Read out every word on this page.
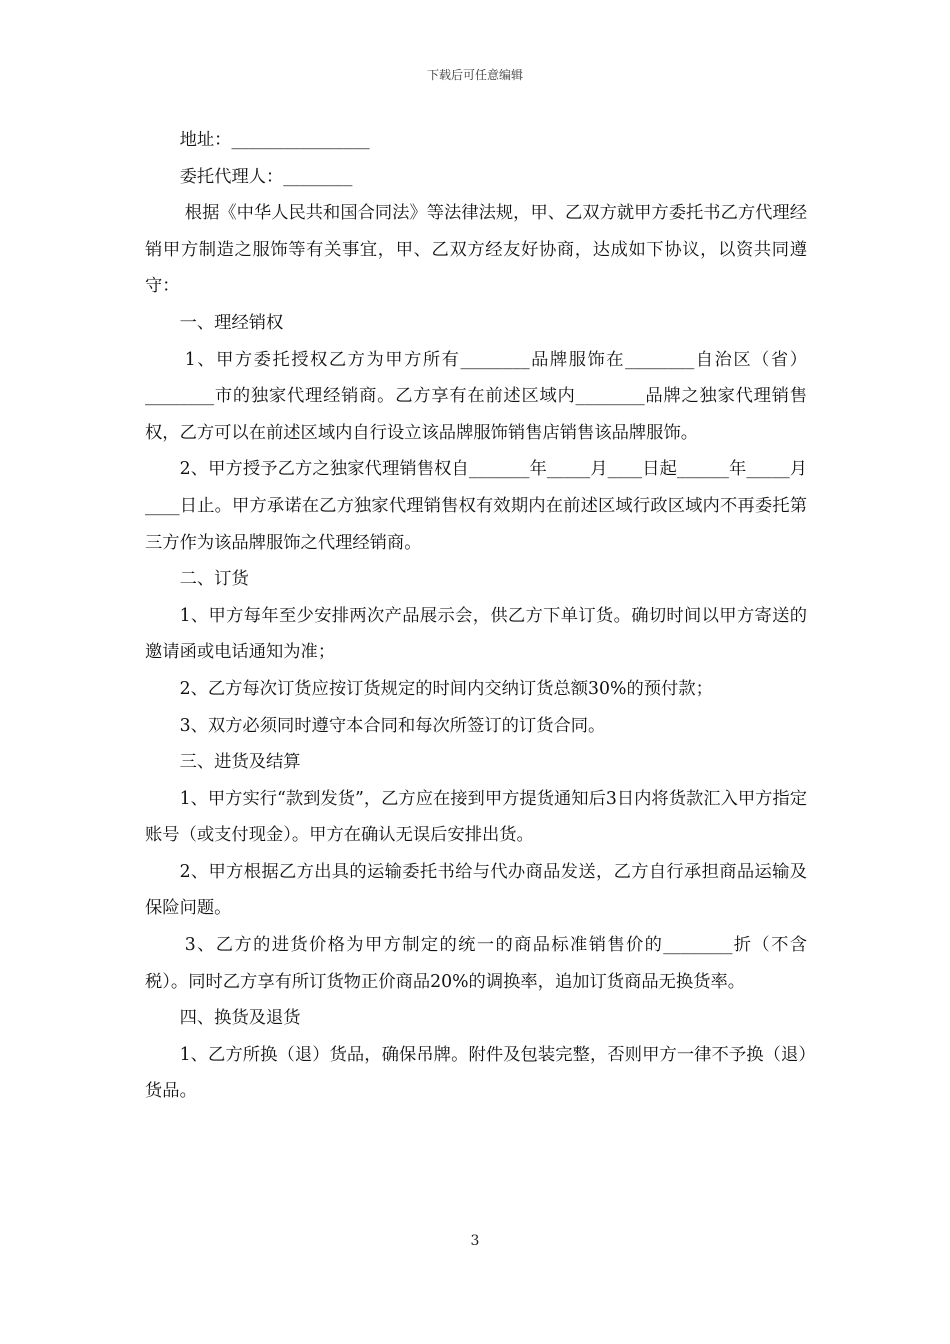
下载后可任意编辑

地址：________________

委托代理人：________

根据《中华人民共和国合同法》等法律法规，甲、乙双方就甲方委托书乙方代理经销甲方制造之服饰等有关事宜，甲、乙双方经友好协商，达成如下协议，以资共同遵守：

一、理经销权

1、甲方委托授权乙方为甲方所有________品牌服饰在________自治区（省）________市的独家代理经销商。乙方享有在前述区域内________品牌之独家代理销售权，乙方可以在前述区域内自行设立该品牌服饰销售店销售该品牌服饰。

2、甲方授予乙方之独家代理销售权自_______年_____月____日起______年_____月____日止。甲方承诺在乙方独家代理销售权有效期内在前述区域行政区域内不再委托第三方作为该品牌服饰之代理经销商。

二、订货

1、甲方每年至少安排两次产品展示会，供乙方下单订货。确切时间以甲方寄送的邀请函或电话通知为准；

2、乙方每次订货应按订货规定的时间内交纳订货总额30%的预付款；

3、双方必须同时遵守本合同和每次所签订的订货合同。

三、进货及结算

1、甲方实行“款到发货”，乙方应在接到甲方提货通知后3日内将货款汇入甲方指定账号（或支付现金）。甲方在确认无误后安排出货。

2、甲方根据乙方出具的运输委托书给与代办商品发送，乙方自行承担商品运输及保险问题。

3、乙方的进货价格为甲方制定的统一的商品标准销售价的________折（不含税）。同时乙方享有所订货物正价商品20%的调换率，追加订货商品无换货率。

四、换货及退货

1、乙方所换（退）货品，确保吊牌。附件及包装完整，否则甲方一律不予换（退）货品。

3
